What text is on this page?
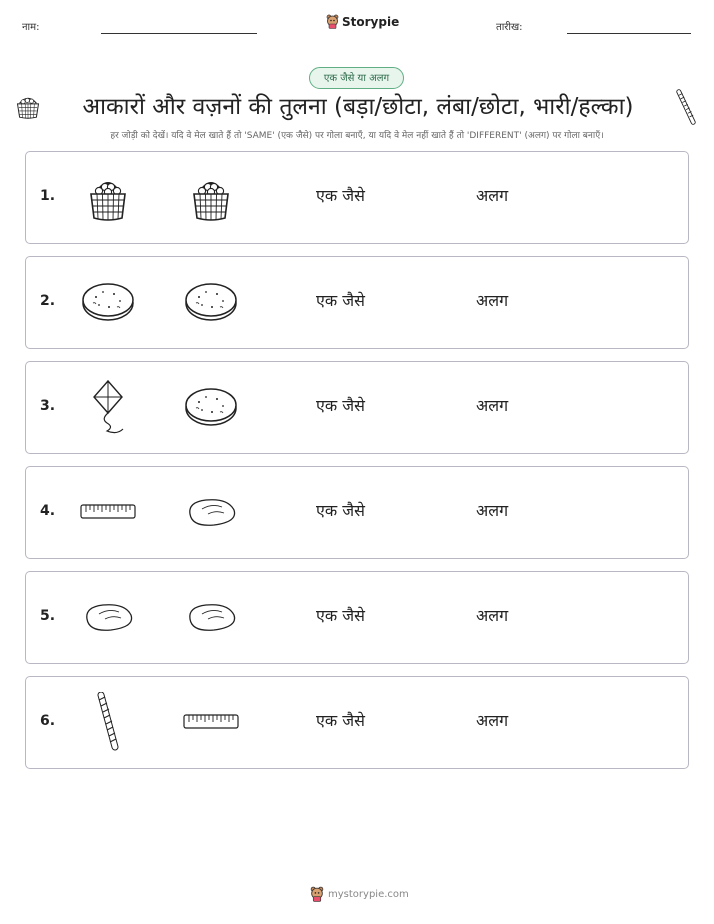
नाम:	Storypie	तारीख:
एक जैसे या अलग
आकारों और वज़नों की तुलना (बड़ा/छोटा, लंबा/छोटा, भारी/हल्का)
हर जोड़ी को देखें। यदि वे मेल खाते हैं तो 'SAME' (एक जैसे) पर गोला बनाएँ, या यदि वे मेल नहीं खाते हैं तो 'DIFFERENT' (अलग) पर गोला बनाएँ।
1.	एक जैसे	अलग
2.	एक जैसे	अलग
3.	एक जैसे	अलग
4.	एक जैसे	अलग
5.	एक जैसे	अलग
6.	एक जैसे	अलग
mystorypie.com
